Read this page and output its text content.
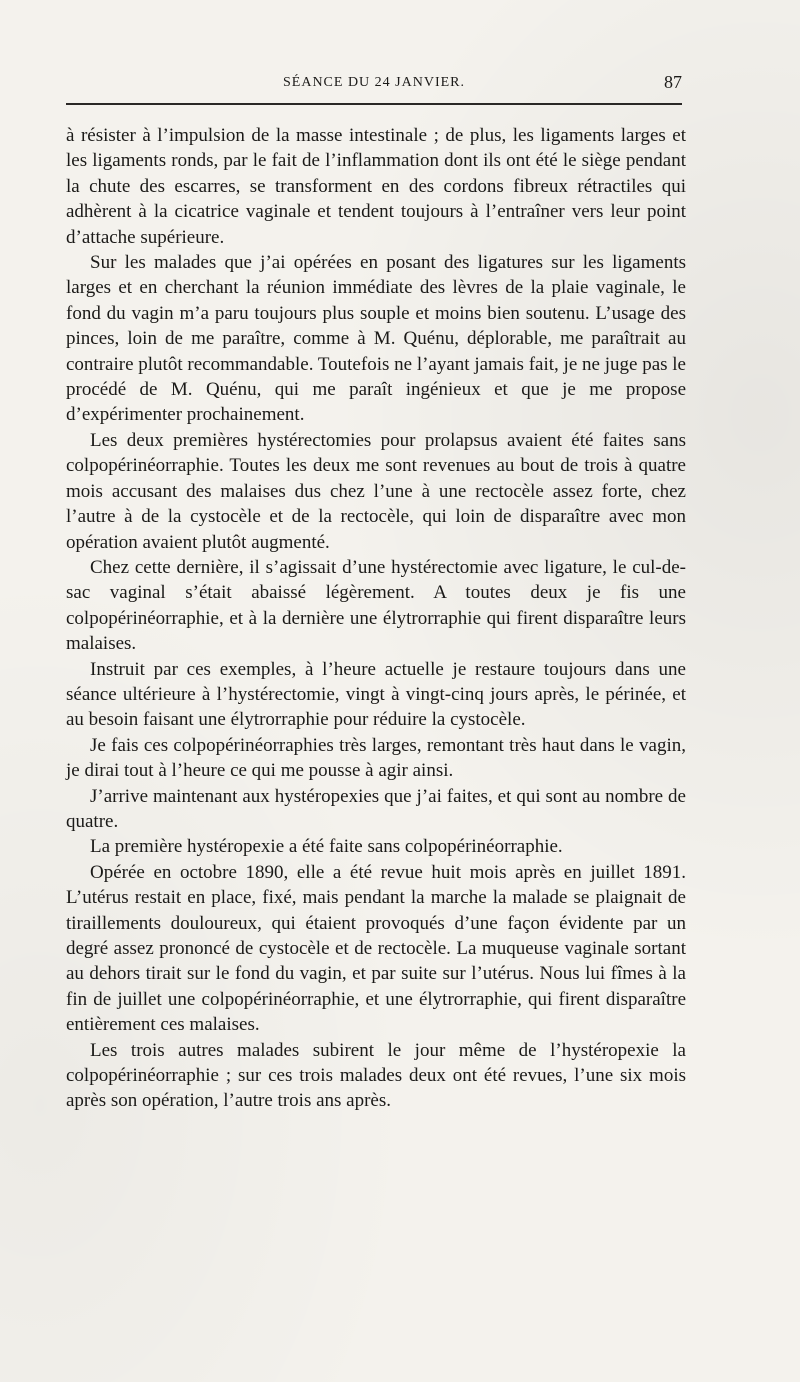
SÉANCE DU 24 JANVIER.	87

à résister à l’impulsion de la masse intestinale ; de plus, les ligaments larges et les ligaments ronds, par le fait de l’inflammation dont ils ont été le siège pendant la chute des escarres, se transforment en des cordons fibreux rétractiles qui adhèrent à la cicatrice vaginale et tendent toujours à l’entraîner vers leur point d’attache supérieure.

Sur les malades que j’ai opérées en posant des ligatures sur les ligaments larges et en cherchant la réunion immédiate des lèvres de la plaie vaginale, le fond du vagin m’a paru toujours plus souple et moins bien soutenu. L’usage des pinces, loin de me paraître, comme à M. Quénu, déplorable, me paraîtrait au contraire plutôt recommandable. Toutefois ne l’ayant jamais fait, je ne juge pas le procédé de M. Quénu, qui me paraît ingénieux et que je me propose d’expérimenter prochainement.

Les deux premières hystérectomies pour prolapsus avaient été faites sans colpopérinéorraphie. Toutes les deux me sont revenues au bout de trois à quatre mois accusant des malaises dus chez l’une à une rectocèle assez forte, chez l’autre à de la cystocèle et de la rectocèle, qui loin de disparaître avec mon opération avaient plutôt augmenté.

Chez cette dernière, il s’agissait d’une hystérectomie avec ligature, le cul-de-sac vaginal s’était abaissé légèrement. A toutes deux je fis une colpopérinéorraphie, et à la dernière une élytrorraphie qui firent disparaître leurs malaises.

Instruit par ces exemples, à l’heure actuelle je restaure toujours dans une séance ultérieure à l’hystérectomie, vingt à vingt-cinq jours après, le périnée, et au besoin faisant une élytrorraphie pour réduire la cystocèle.

Je fais ces colpopérinéorraphies très larges, remontant très haut dans le vagin, je dirai tout à l’heure ce qui me pousse à agir ainsi.

J’arrive maintenant aux hystéropexies que j’ai faites, et qui sont au nombre de quatre.

La première hystéropexie a été faite sans colpopérinéorraphie.

Opérée en octobre 1890, elle a été revue huit mois après en juillet 1891. L’utérus restait en place, fixé, mais pendant la marche la malade se plaignait de tiraillements douloureux, qui étaient provoqués d’une façon évidente par un degré assez prononcé de cystocèle et de rectocèle. La muqueuse vaginale sortant au dehors tirait sur le fond du vagin, et par suite sur l’utérus. Nous lui fîmes à la fin de juillet une colpopérinéorraphie, et une élytrorraphie, qui firent disparaître entièrement ces malaises.

Les trois autres malades subirent le jour même de l’hystéropexie la colpopérinéorraphie ; sur ces trois malades deux ont été revues, l’une six mois après son opération, l’autre trois ans après.
